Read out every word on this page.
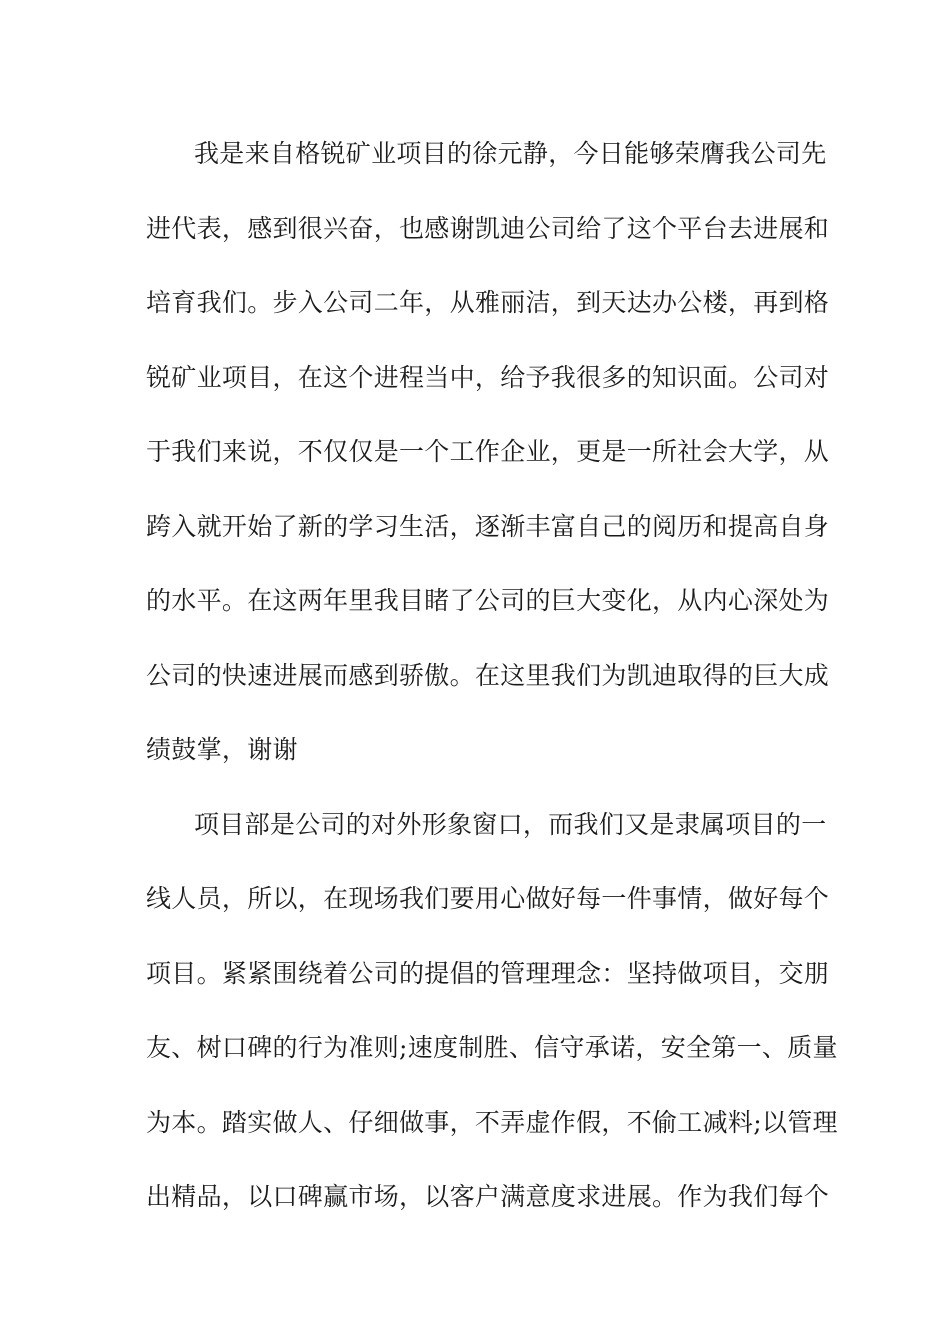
我是来自格锐矿业项目的徐元静，今日能够荣膺我公司先
进代表，感到很兴奋，也感谢凯迪公司给了这个平台去进展和
培育我们。步入公司二年，从雅丽洁，到天达办公楼，再到格
锐矿业项目，在这个进程当中，给予我很多的知识面。公司对
于我们来说，不仅仅是一个工作企业，更是一所社会大学，从
跨入就开始了新的学习生活，逐渐丰富自己的阅历和提高自身
的水平。在这两年里我目睹了公司的巨大变化，从内心深处为
公司的快速进展而感到骄傲。在这里我们为凯迪取得的巨大成
绩鼓掌，谢谢
项目部是公司的对外形象窗口，而我们又是隶属项目的一
线人员，所以，在现场我们要用心做好每一件事情，做好每个
项目。紧紧围绕着公司的提倡的管理理念：坚持做项目，交朋
友、树口碑的行为准则;速度制胜、信守承诺，安全第一、质量
为本。踏实做人、仔细做事，不弄虚作假，不偷工减料;以管理
出精品，以口碑赢市场，以客户满意度求进展。作为我们每个
